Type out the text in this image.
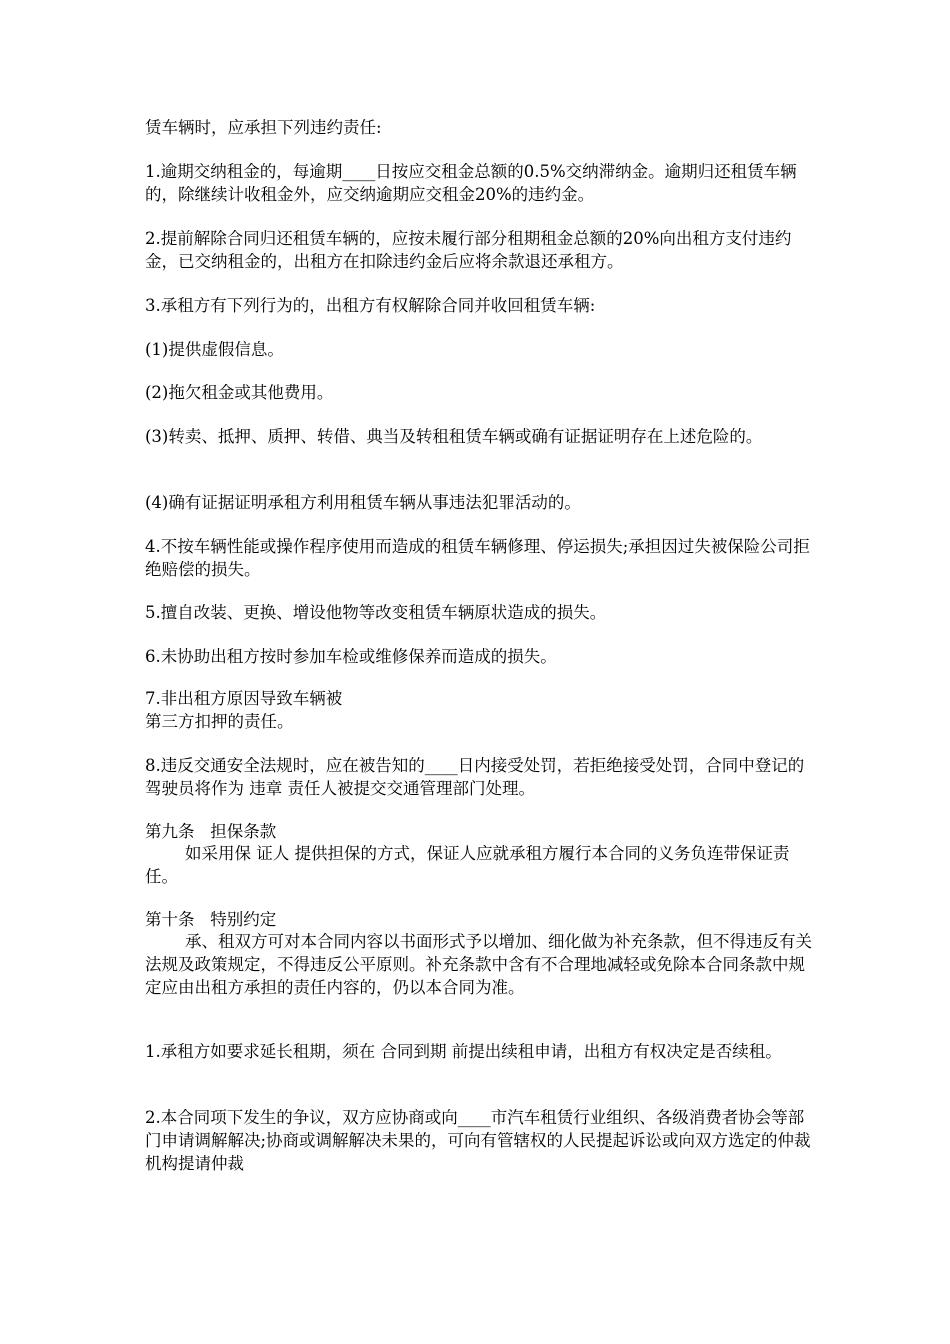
赁车辆时，应承担下列违约责任:

1.逾期交纳租金的，每逾期____日按应交租金总额的0.5%交纳滞纳金。逾期归还租赁车辆的，除继续计收租金外，应交纳逾期应交租金20%的违约金。

2.提前解除合同归还租赁车辆的，应按未履行部分租期租金总额的20%向出租方支付违约金，已交纳租金的，出租方在扣除违约金后应将余款退还承租方。

3.承租方有下列行为的，出租方有权解除合同并收回租赁车辆:

(1)提供虚假信息。

(2)拖欠租金或其他费用。

(3)转卖、抵押、质押、转借、典当及转租租赁车辆或确有证据证明存在上述危险的。

(4)确有证据证明承租方利用租赁车辆从事违法犯罪活动的。

4.不按车辆性能或操作程序使用而造成的租赁车辆修理、停运损失;承担因过失被保险公司拒绝赔偿的损失。

5.擅自改装、更换、增设他物等改变租赁车辆原状造成的损失。

6.未协助出租方按时参加车检或维修保养而造成的损失。

7.非出租方原因导致车辆被
第三方扣押的责任。

8.违反交通安全法规时，应在被告知的____日内接受处罚，若拒绝接受处罚，合同中登记的驾驶员将作为 违章 责任人被提交交通管理部门处理。

第九条   担保条款

如采用保 证人 提供担保的方式，保证人应就承租方履行本合同的义务负连带保证责任。

第十条   特别约定

承、租双方可对本合同内容以书面形式予以增加、细化做为补充条款，但不得违反有关法规及政策规定，不得违反公平原则。补充条款中含有不合理地减轻或免除本合同条款中规定应由出租方承担的责任内容的，仍以本合同为准。

1.承租方如要求延长租期，须在 合同到期 前提出续租申请，出租方有权决定是否续租。

2.本合同项下发生的争议，双方应协商或向____市汽车租赁行业组织、各级消费者协会等部门申请调解解决;协商或调解解决未果的，可向有管辖权的人民提起诉讼或向双方选定的仲裁机构提请仲裁
